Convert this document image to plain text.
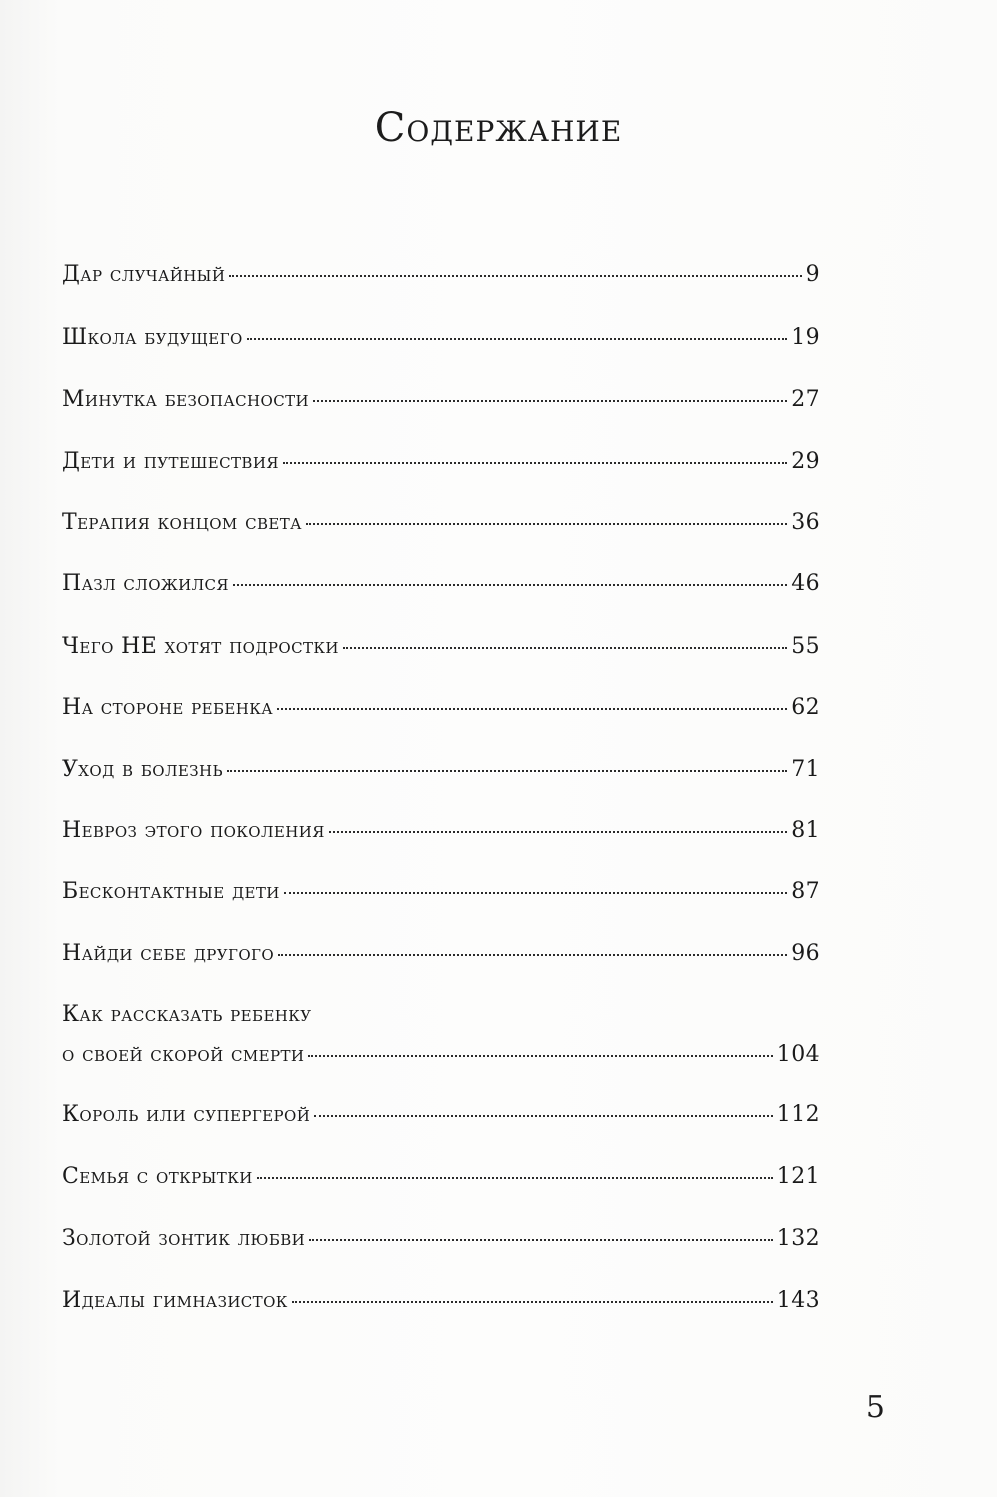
Содержание
Дар случайный	9
Школа будущего	19
Минутка безопасности	27
Дети и путешествия	29
Терапия концом света	36
Пазл сложился	46
Чего НЕ хотят подростки	55
На стороне ребенка	62
Уход в болезнь	71
Невроз этого поколения	81
Бесконтактные дети	87
Найди себе другого	96
Как рассказать ребенку
о своей скорой смерти	104
Король или супергерой	112
Семья с открытки	121
Золотой зонтик любви	132
Идеалы гимназисток	143
5
